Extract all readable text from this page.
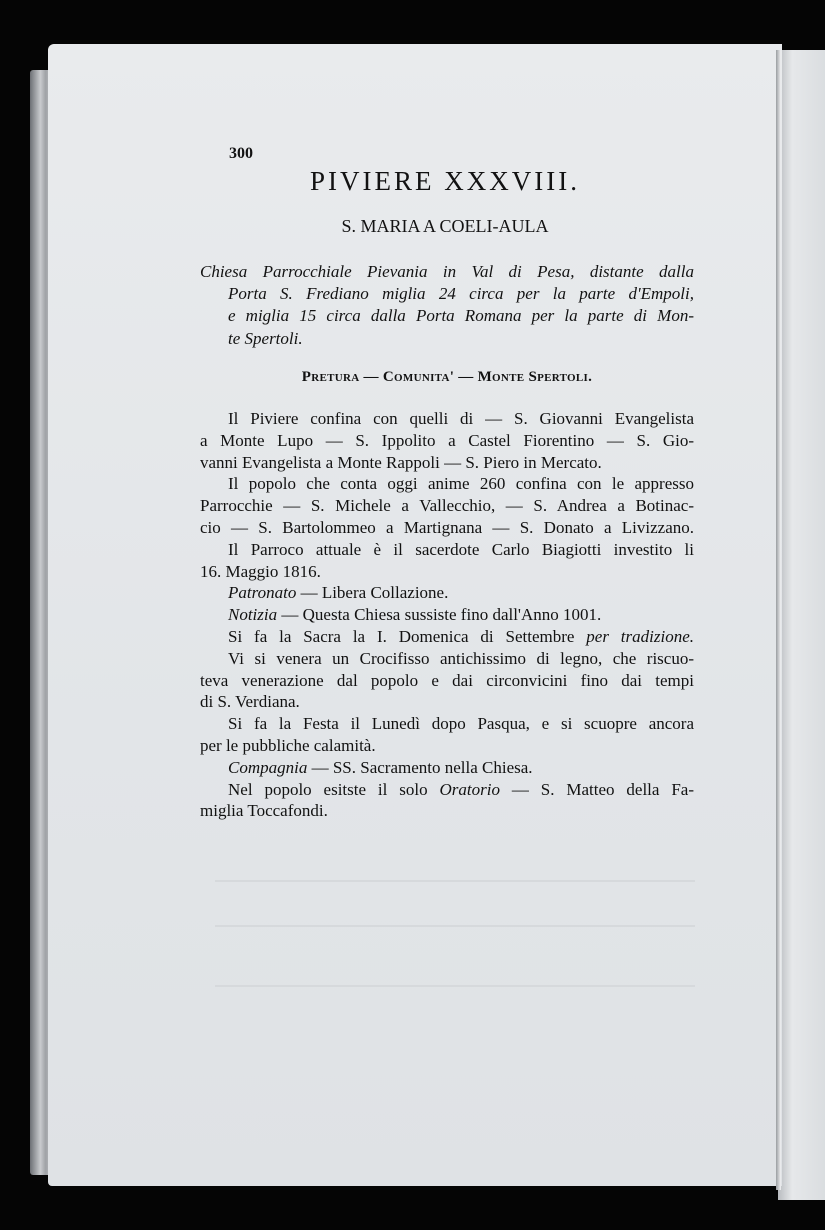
300
PIVIERE XXXVIII.
S. MARIA A COELI-AULA
Chiesa Parrocchiale Pievania in Val di Pesa, distante dalla
Porta S. Frediano miglia 24 circa per la parte d'Empoli,
e miglia 15 circa dalla Porta Romana per la parte di Mon-
te Spertoli.
Pretura — Comunita' — Monte Spertoli.
Il Piviere confina con quelli di — S. Giovanni Evangelista
a Monte Lupo — S. Ippolito a Castel Fiorentino — S. Gio-
vanni Evangelista a Monte Rappoli — S. Piero in Mercato.
Il popolo che conta oggi anime 260 confina con le appresso
Parrocchie — S. Michele a Vallecchio, — S. Andrea a Botinac-
cio — S. Bartolommeo a Martignana — S. Donato a Livizzano.
Il Parroco attuale è il sacerdote Carlo Biagiotti investito li
16. Maggio 1816.
Patronato — Libera Collazione.
Notizia — Questa Chiesa sussiste fino dall'Anno 1001.
Si fa la Sacra la I. Domenica di Settembre per tradizione.
Vi si venera un Crocifisso antichissimo di legno, che riscuo-
teva venerazione dal popolo e dai circonvicini fino dai tempi
di S. Verdiana.
Si fa la Festa il Lunedì dopo Pasqua, e si scuopre ancora
per le pubbliche calamità.
Compagnia — SS. Sacramento nella Chiesa.
Nel popolo esitste il solo Oratorio — S. Matteo della Fa-
miglia Toccafondi.
